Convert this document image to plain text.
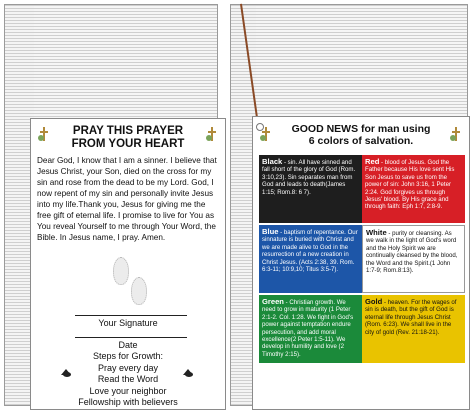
PRAY THIS PRAYER
FROM YOUR HEART
Dear God, I know that I am a sinner. I believe that Jesus Christ, your Son, died on the cross for my sin and rose from the dead to be my Lord. God, I now repent of my sin and personally invite Jesus into my life.Thank you, Jesus for giving me the free gift of eternal life. I promise to live for You as You reveal Yourself to me through Your Word, the Bible. In Jesus name, I pray. Amen.
Your Signature
Date
Steps for Growth:
Pray every day
Read the Word
Love your neighbor
Fellowship with believers
GOOD NEWS for man using
6 colors of salvation.
Black - sin. All have sinned and fall short of the glory of God (Rom. 3:10,23). Sin separates man from God and leads to death(James 1:15; Rom.8: 6 7).
Red - blood of Jesus. God the Father because His love sent His Son Jesus to save us from the power of sin: John 3:16, 1 Peter 2:24. God forgives us through Jesus' blood. By His grace and through faith: Eph 1:7, 2:8-9.
Blue - baptism of repentance. Our sinnature is buried with Christ and we are made alive to God in the resurrection of a new creation in Christ Jesus. (Acts 2:38, 39. Rom. 6:3-11; 10:9,10; Titus 3:5-7).
White - purity or cleansing. As we walk in the light of God's word and the Holy Spirit we are continually cleansed by the blood, the Word and the Spirit.(1 John 1:7-9; Rom.8:13).
Green - Christian growth. We need to grow in maturity (1 Peter 2:1-2. Col. 1:28. We fight in God's power against temptation endure persecution, and add moral excellence(2 Peter 1:5-11). We develop in humility and love (2 Timothy 2:15).
Gold - heaven. For the wages of sin is death, but the gift of God is eternal life through Jesus Christ (Rom. 6:23). We shall live in the city of gold (Rev. 21:18-21).
